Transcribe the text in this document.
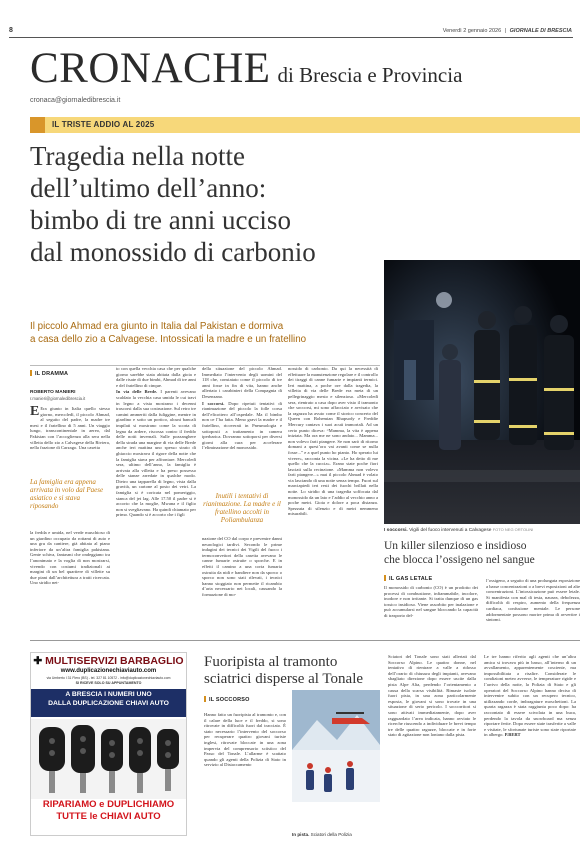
8	Venerdì 2 gennaio 2026 | GIORNALE DI BRESCIA
CRONACHE di Brescia e Provincia
cronaca@giornaledibrescia.it
IL TRISTE ADDIO AL 2025
Tragedia nella notte
dell’ultimo dell’anno:
bimbo di tre anni ucciso
dal monossido di carbonio
Il piccolo Ahmad era giunto in Italia dal Pakistan e dormiva
a casa dello zio a Calvagese. Intossicati la madre e un fratellino
I soccorsi. Vigili del fuoco intervenuti a Calvagese FOTO NEG ORTOLINI
IL DRAMMA
ROBERTO MANIERI
r.manieri@giornaledibrescia.it
E Era giunto in Italia quello stesso giorno, mercoledì, il piccolo Ahmad, al seguito del padre, la madre tre mesi e il fratellino di 5 anni. Un viaggio lungo, transcontinentale in aereo, dal Pakistan con l’accoglienza alla sera nella villetta dello zio a Calvagese della Riviera, nella frazione di Carzago. Una casetta
La famiglia era appena arrivata in volo dal Paese asiatico e si stava riposando
la fredda e umida, nel verde muschioso di un giardino occupato da rottami di auto e una gru da cantiere, già abitata al piano inferiore da un’altra famiglia pakistana. Gente schiva, fantasmi che ondeggiano tra l’anonimato e la voglia di non mostrarsi, vivendo con costumi tradizionali ai margini di un bel quartiere di villette su due piani dall’architettura a tratti ricercata. Uno stridio net-

to con quella vecchia casa che per qualche giorno sarebbe stata abitata dalla gioia e dalle risate di due bimbi, Ahmad di tre anni e del fratellino di cinque.

In via delle Brede. I parenti avevano scaldato la vecchia casa umida le cui travi in legno a vista mostrano i decenni trascorsi dalla sua costruzione. Sul retro tre camini ammeriti dalla fuliggine, mentre in giardino e sotto un portico, alcuni bancali impilati si mostrano come la scorta di legna da ardere, riscossa contro il freddo delle notti invernali. Sulle pozzanghere della strada una margine di via delle Brede anche ieri mattina uno spesso strato di ghiaccio mostrava il rigore della notte che la famiglia stava per affrontare. Mercoledì sera, ultimo dell’anno, la famiglia è arrivata alla villetta e ha preso possesso delle stanze arredate in qualche modo. Dietro una tapparella di legno, vista dalla gravità, un cartone al posto dei vetri. La famiglia si è coricata nel pomeriggio, stanca del jet lag. Alle 17.50 il padre si è accorto che la moglie, Mwana e il figlio non si svegliavano. Ha quindi chiamato per primo. Quando si è accorto che i figli

della situazione del piccolo Ahmad. Immediato l’intervento degli uomini del 118 che, constatato come il piccolo di tre anni fosse in fin di vita, hanno anche allertato i carabinieri della Compagnia di Desenzano.

I soccorsi. Dopo ripetuti tentativi di rianimazione del piccolo la folle corsa dell’elicottero all’ospedale. Ma il bimbo non ce l’ha fatta. Meno gravi la madre e il fratellino, ricoverati in Pneumologia e sottoposti a trattamento in camera iperbarica. Dovranno sottoporsi per diversi giorni alla cura per accelerare l’eliminazione del monossido.

Inutili i tentativi di rianimazione. La madre e il fratellino accolti in Poliambulanza
nazione del CO dal corpo e prevenire danni neurologici tardivi. Secondo le prime indagini dei tecnici dei Vigili del fuoco i termoconvettori della casetta avevano le canne fumarie ostruite o sporche. E in effetti il camino a una corta fumaria ostruita da nidi e bandiere non da sporco o sporco non sono stati rilevati, i tecnici hanno stoggiato non permette il ricambio d’aria necessario nei locali, causando la formazione di mo-
nossido di carbonio. Da qui la necessità di effettuare la manutenzione regolare e il controllo dei tiraggi di canne fumarie e impianti termici. Ieri mattina, a poche ore dalla tragedia, la villetta di via delle Brede era meta di un pellegrinaggio mesto e silenzioso. «Mercoledì sera, rientrato a casa dopo aver visto il tramonto che soccorsi, mi sono affacciato e avvisato che la ragazza ha avuto come il storico concerto del Queen con Bohemian Rhapsody e Freddie Mercury cantava i suoi acuti immortali. Ad un certo punto diceva: “Mamma, la vita è appena iniziata. Ma ora me ne sono andato... Mamma... non volevo farti piangere. Se non sarò di ritorno domani a quest’ora vai avanti come se nulla fosse...” e a quel punto ho pianto. Ho sperato lui vivere», racconta la vicina. «Le ha detto di me quello che la cuccia». Erano state poche fiori lasciati sulla recinzione. «Mamma non volevo farti piangere...» mai il piccolo Ahmad è volato via lasciando di una notte senza tempo. Fuori sul marciapiedi ieri resti dei fuochi brillati nella notte. Lo stridio di una tragedia soffocata dal monossido da un lato e l’addio al vecchio anno a poche metri. Gioia e dolore a poca distanza. Spezzata di silenzio e di metri nemmeno misurabili.
Un killer silenzioso e insidioso
che blocca l’ossigeno nel sangue
IL GAS LETALE
Il monossido di carbonio (CO) è un prodotto dei processi di combustione, infiammabile, incolore, inodore e non irritante. Si tratta dunque di un gas tossico insidioso. Viene assorbito per inalazione e può accumularsi nel sangue bloccando la capacità di trasporto del-
l’ossigeno, a seguito di una prolungata esposizione a basse concentrazioni o a brevi esposizioni ad alte concentrazioni. L’intossicazione può essere letale. Si manifesta con mal di testa, nausea, debolezza, difficoltà di respiro, aumento della frequenza cardiaca, confusione mentale. Le persone addormentate possono morire prima di avvertire i sintomi.
✚ MULTISERVIZI BARBAGLIO
www.duplicazionechiaviauto.com
via Umberto I 31 Flero (BS) - tel. 327 81 10572 - info@duplicazionechiaviauto.com
SI RICEVE SOLO SU APPUNTAMENTO
A BRESCIA I NUMERI UNO
DALLA DUPLICAZIONE CHIAVI AUTO
RIPARIAMO e DUPLICHIAMO
TUTTE le CHIAVI AUTO
Fuoripista al tramonto
sciatrici disperse al Tonale
IL SOCCORSO
Hanno fatto un fuoripista al tramonto e, con il calare della luce e il freddo, si sono ritrovate in difficoltà fuori dal tracciato. È stato necessario l’intervento del soccorso per recuperare quattro giovani turiste inglesi, ritrovate bloccate in una zona impervia del comprensorio sciistico del Passo del Tonale. L’allarme è scattato quando gli agenti della Polizia di Stato in servizio al Distaccamento
In pista. Sciatori della Polizia
Sciatori del Tonale sono stati allertati dal Soccorso Alpino. Le quattro donne, nel tentativo di rientrare a valle a ridosso dell’orario di chiusura degli impianti, avevano sbagliato direzione dopo essere uscite dalla pista Alpe Alta, perdendo l’orientamento a causa della scarsa visibilità. Rimaste isolate fuori pista, in una zona particolarmente esposta, le giovani si sono trovate in una situazione di serio pericolo. I soccorritori si sono attivati immediatamente, dopo aver ragguardato l’area indicata, hanno avviato le ricerche riuscendo a individuare le brevi tempo tre delle quattro ragazze, bloccate e in forte stato di agitazione non lontano dalla pista.
Le tre hanno riferito agli agenti che un’altra amica si trovava più in basso, all’interno di un avvallamento, apparentemente cosciente, ma impossibilitata a risalire. Considerate le condizioni meteo avverse, le temperature rigide e l’arrivo della notte, la Polizia di Stato e gli operatori del Soccorso Alpino hanno deciso di intervenire subito con un recupero tecnico, utilizzando corde, imbragature moschettoni. La quarta ragazza è stata raggiunta poco dopo: ha raccontato di essere scivolata in una buca, perdendo la tavola da snowboard ma senza riportare ferite. Dopo essere state trasferite a valle e visitate, le sfortunate turiste sono state riportate in albergo. P.BERT
